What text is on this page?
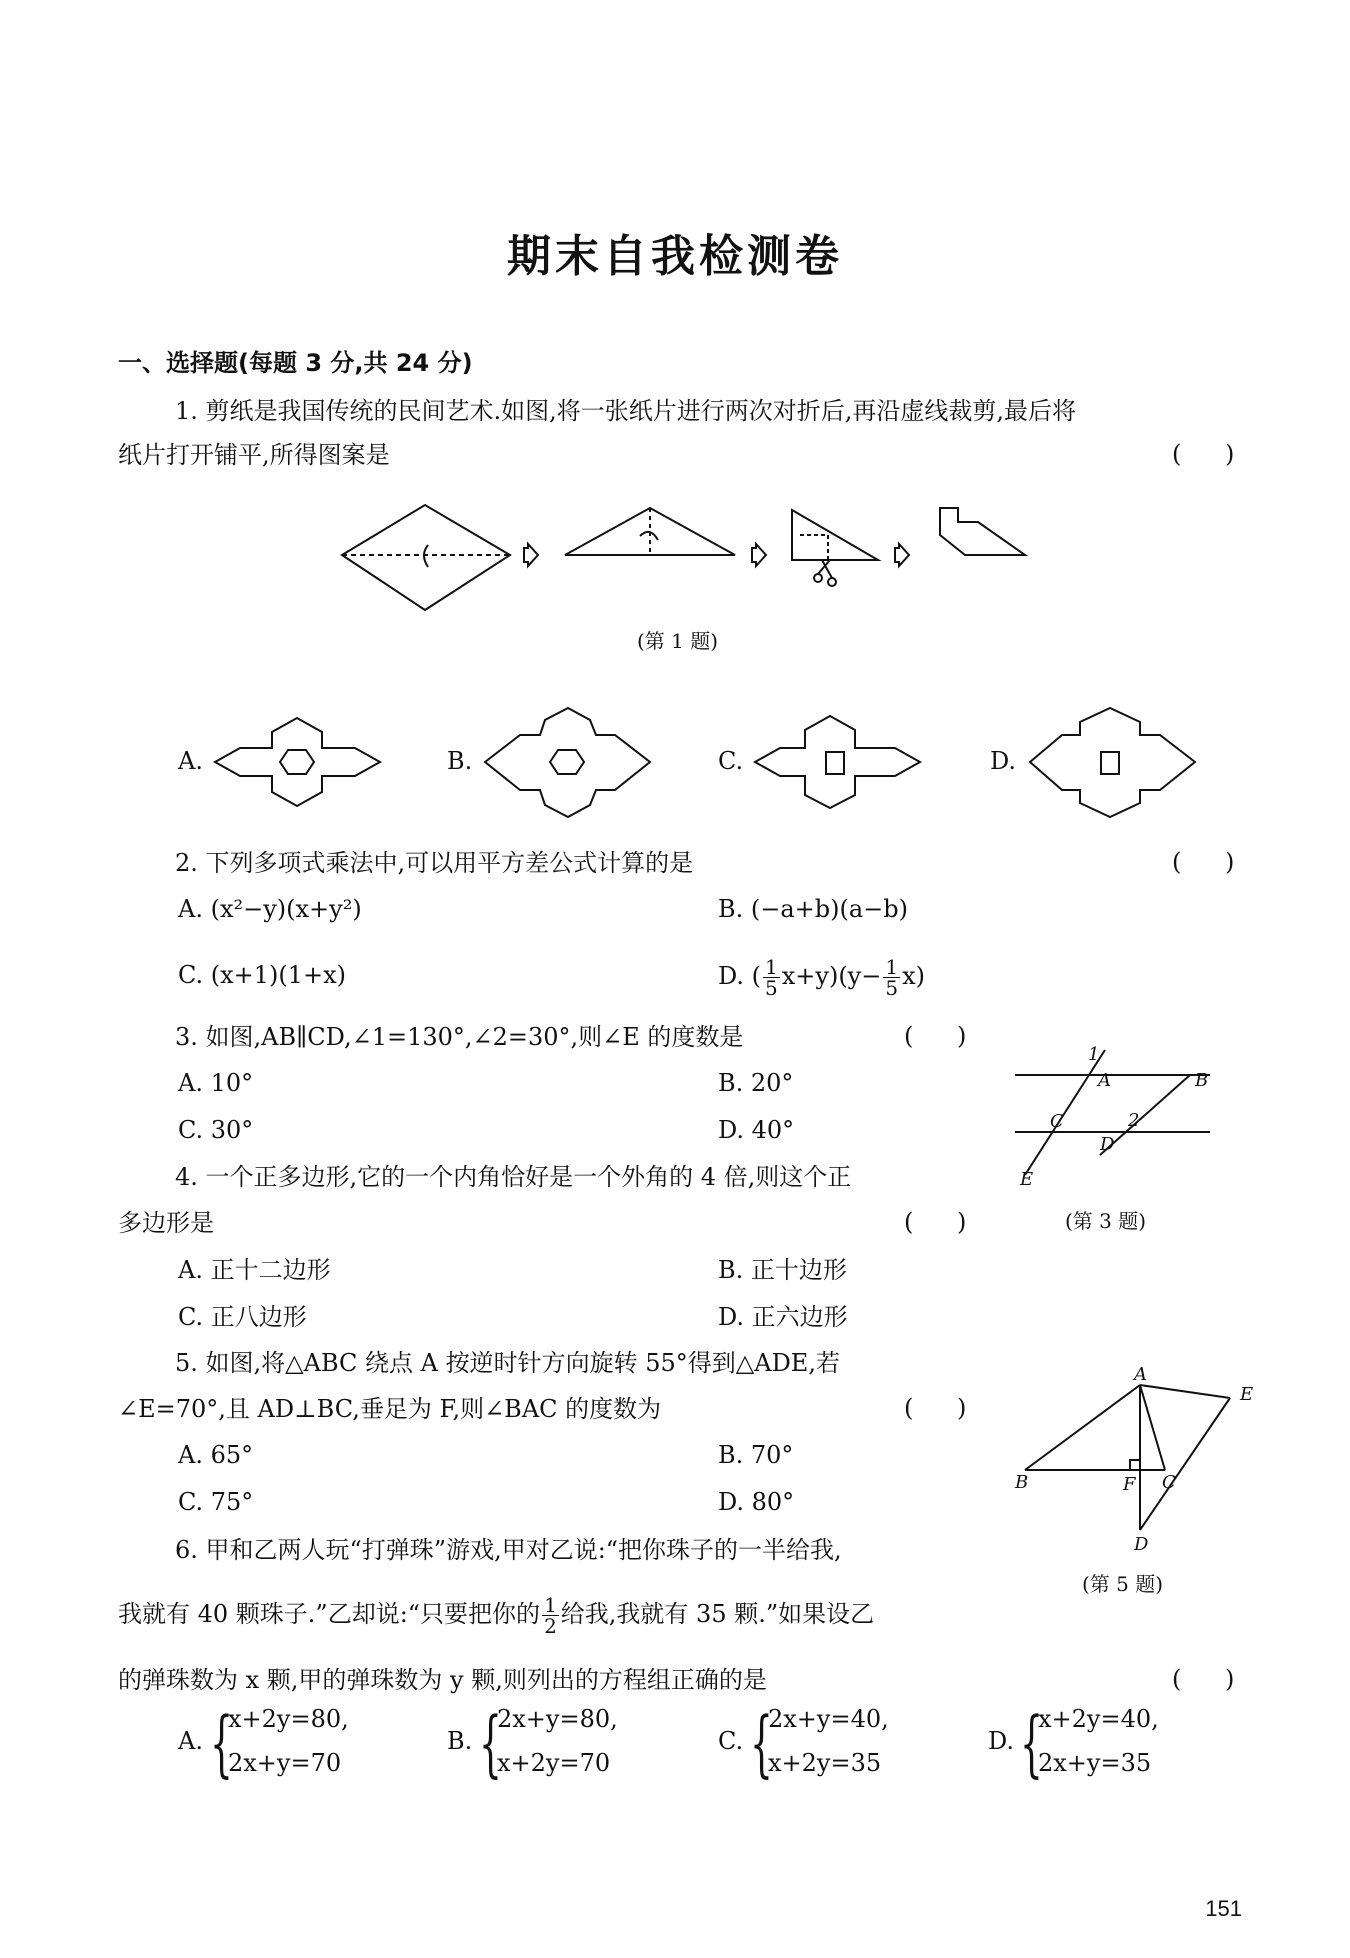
期末自我检测卷
一、选择题(每题 3 分,共 24 分)
1. 剪纸是我国传统的民间艺术.如图,将一张纸片进行两次对折后,再沿虚线裁剪,最后将
纸片打开铺平,所得图案是	( )
(第 1 题)
A.	B.	C.	D.
2. 下列多项式乘法中,可以用平方差公式计算的是	( )
A. (x²−y)(x+y²)	B. (−a+b)(a−b)
C. (x+1)(1+x)	D. ( $\frac{1}{5} x+y)(y- \frac{1}{5} x)$
3. 如图,AB∥CD,∠1=130°,∠2=30°,则∠E 的度数是	( )
A. 10°	B. 20°
C. 30°	D. 40°
1
A	B
C	2
D
E
(第 3 题)
4. 一个正多边形,它的一个内角恰好是一个外角的 4 倍,则这个正
多边形是	( )
A. 正十二边形	B. 正十边形
C. 正八边形	D. 正六边形
5. 如图,将△ABC 绕点 A 按逆时针方向旋转 55°得到△ADE,若
∠E=70°,且 AD⊥BC,垂足为 F,则∠BAC 的度数为	( )
A. 65°	B. 70°
C. 75°	D. 80°
A
E
B	F C
D
(第 5 题)
6. 甲和乙两人玩“打弹珠”游戏,甲对乙说:“把你珠子的一半给我,
我就有 40 颗珠子.”乙却说:“只要把你的 $\frac{1}{2}$ 给我,我就有 35 颗.”如果设乙
的弹珠数为 x 颗,甲的弹珠数为 y 颗,则列出的方程组正确的是	( )
A. {
x+2y=80,
2x+y=70
B. {
2x+y=80,
x+2y=70
C. {
2x+y=40,
x+2y=35
D. {
x+2y=40,
2x+y=35
151
